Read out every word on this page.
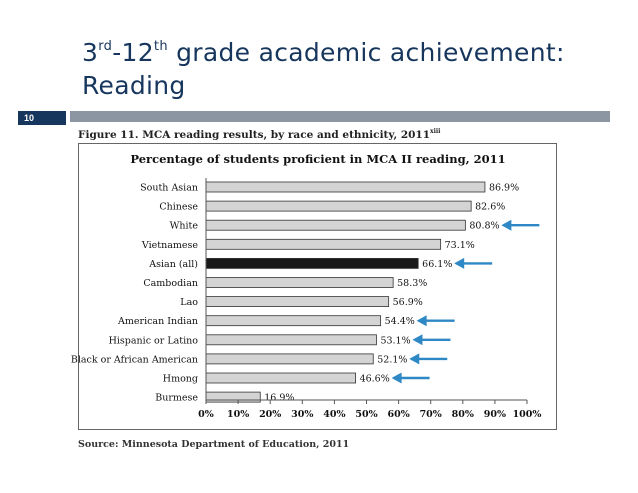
3rd-12th grade academic achievement:
Reading
10
Figure 11. MCA reading results, by race and ethnicity, 2011$^{xiii}$
Percentage of students proficient in MCA II reading, 2011
South Asian	86.9%
Chinese	82.6%
White	80.8%
Vietnamese	73.1%
Asian (all)	66.1%
Cambodian	58.3%
Lao	56.9%
American Indian	54.4%
Hispanic or Latino	53.1%
Black or African American	52.1%
Hmong	46.6%
Burmese	16.9%
0% 10% 20% 30% 40% 50% 60% 70% 80% 90% 100%
Source: Minnesota Department of Education, 2011
